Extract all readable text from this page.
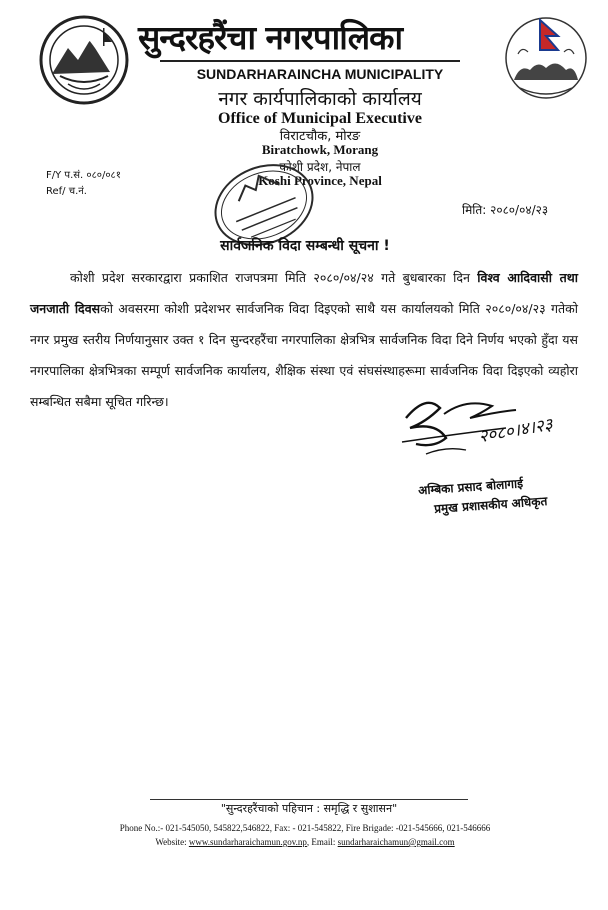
सुन्दरहरैंचा नगरपालिका
SUNDARHARAINCHA MUNICIPALITY
नगर कार्यपालिकाको कार्यालय
Office of Municipal Executive
विराटचौक, मोरङ
Biratchowk, Morang
कोशी प्रदेश, नेपाल
Koshi Province, Nepal
F/Y प.सं. ०८०/०८१
Ref/ च.नं.
मिति: २०८०/०४/२३
सार्वजनिक विदा सम्बन्धी सूचना !

कोशी प्रदेश सरकारद्वारा प्रकाशित राजपत्रमा मिति २०८०/०४/२४ गते बुधबारका दिन विश्व आदिवासी तथा जनजाती दिवसको अवसरमा कोशी प्रदेशभर सार्वजनिक विदा दिइएको साथै यस कार्यालयको मिति २०८०/०४/२३ गतेको नगर प्रमुख स्तरीय निर्णयानुसार उक्त १ दिन सुन्दरहरैंचा नगरपालिका क्षेत्रभित्र सार्वजनिक विदा दिने निर्णय भएको हुँदा यस नगरपालिका क्षेत्रभित्रका सम्पूर्ण सार्वजनिक कार्यालय, शैक्षिक संस्था एवं संघसंस्थाहरूमा सार्वजनिक विदा दिइएको व्यहोरा सम्बन्धित सबैमा सूचित गरिन्छ।

२०८०।४।२३
अम्बिका प्रसाद बोलागाई
प्रमुख प्रशासकीय अधिकृत
"सुन्दरहरैंचाको पहिचान : समृद्धि र सुशासन"
Phone No.:- 021-545050, 545822,546822, Fax: - 021-545822, Fire Brigade: -021-545666, 021-546666
Website: www.sundarharaichamun.gov.np, Email: sundarharaichamun@gmail.com
